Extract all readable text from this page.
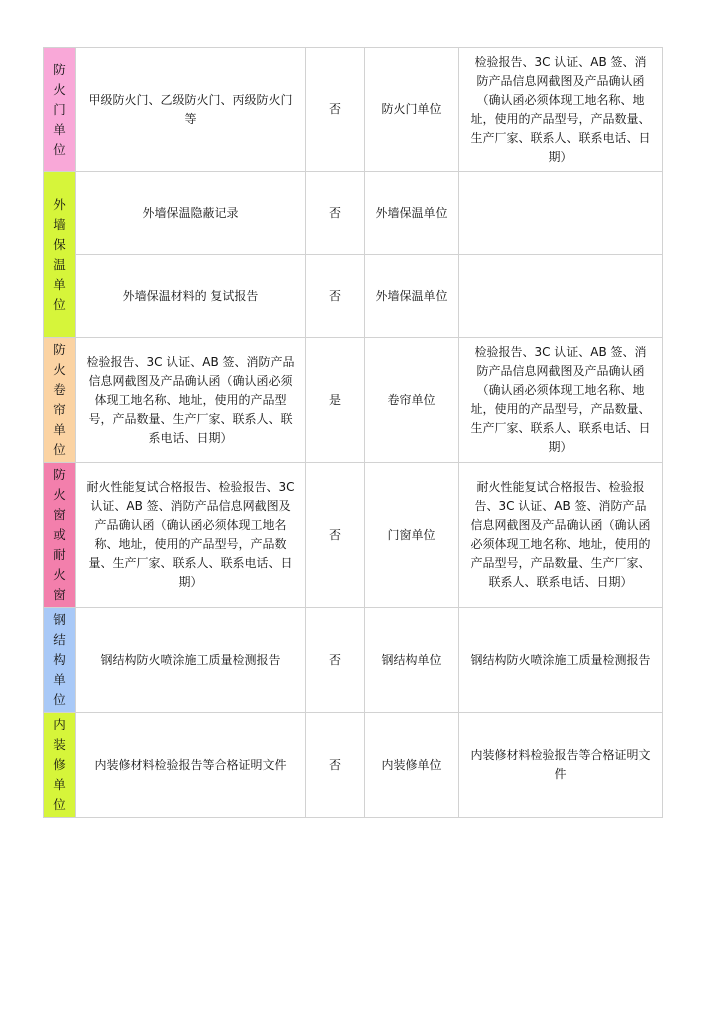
防火门单位	甲级防火门、乙级防火门、丙级防火门等	否	防火门单位	检验报告、3C 认证、AB 签、消防产品信息网截图及产品确认函（确认函必须体现工地名称、地址，使用的产品型号，产品数量、生产厂家、联系人、联系电话、日期）

外墙保温单位	外墙保温隐蔽记录	否	外墙保温单位	
	外墙保温材料的 复试报告	否	外墙保温单位	

防火卷帘单位	检验报告、3C 认证、AB 签、消防产品信息网截图及产品确认函（确认函必须体现工地名称、地址，使用的产品型号，产品数量、生产厂家、联系人、联系电话、日期）	是	卷帘单位	检验报告、3C 认证、AB 签、消防产品信息网截图及产品确认函（确认函必须体现工地名称、地址，使用的产品型号，产品数量、生产厂家、联系人、联系电话、日期）

防火窗或耐火窗	耐火性能复试合格报告、检验报告、3C 认证、AB 签、消防产品信息网截图及产品确认函（确认函必须体现工地名称、地址，使用的产品型号，产品数量、生产厂家、联系人、联系电话、日期）	否	门窗单位	耐火性能复试合格报告、检验报告、3C 认证、AB 签、消防产品信息网截图及产品确认函（确认函必须体现工地名称、地址，使用的产品型号，产品数量、生产厂家、联系人、联系电话、日期）

钢结构单位	钢结构防火喷涂施工质量检测报告	否	钢结构单位	钢结构防火喷涂施工质量检测报告

内装修单位	内装修材料检验报告等合格证明文件	否	内装修单位	内装修材料检验报告等合格证明文件
